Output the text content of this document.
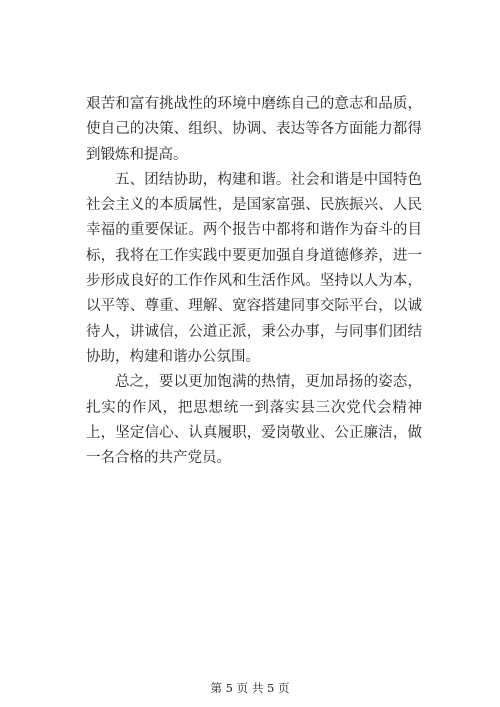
艰苦和富有挑战性的环境中磨练自己的意志和品质，使自己的决策、组织、协调、表达等各方面能力都得到锻炼和提高。

五、团结协助，构建和谐。社会和谐是中国特色社会主义的本质属性，是国家富强、民族振兴、人民幸福的重要保证。两个报告中都将和谐作为奋斗的目标，我将在工作实践中要更加强自身道德修养，进一步形成良好的工作作风和生活作风。坚持以人为本，以平等、尊重、理解、宽容搭建同事交际平台，以诚待人，讲诚信，公道正派，秉公办事，与同事们团结协助，构建和谐办公氛围。

总之，要以更加饱满的热情，更加昂扬的姿态，扎实的作风，把思想统一到落实县三次党代会精神上，坚定信心、认真履职，爱岗敬业、公正廉洁，做一名合格的共产党员。

第 5 页 共 5 页
